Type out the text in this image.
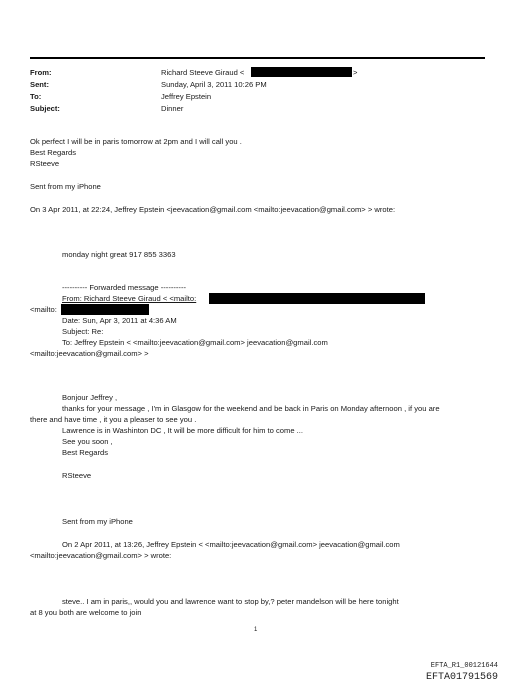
From:
Sent:
To:
Subject:
Richard Steeve Giraud <	>
Sunday, April 3, 2011 10:26 PM
Jeffrey Epstein
Dinner
Ok perfect I will be in paris tomorrow at 2pm and I will call you .
Best Regards
RSteeve
Sent from my iPhone
On 3 Apr 2011, at 22:24, Jeffrey Epstein <jeevacation@gmail.com <mailto:jeevacation@gmail.com> > wrote:
monday night great 917 855 3363
---------- Forwarded message ----------
From: Richard Steeve Giraud < <mailto:
<mailto:
Date: Sun, Apr 3, 2011 at 4:36 AM
Subject: Re:
To: Jeffrey Epstein < <mailto:jeevacation@gmail.com> jeevacation@gmail.com
<mailto:jeevacation@gmail.com> >
Bonjour Jeffrey ,
thanks for your message , I'm in Glasgow for the weekend and be back in Paris on Monday afternoon , if you are
there and have time , it you a pleaser to see you .
Lawrence is in Washinton DC , It will be more difficult for him to come ...
See you soon ,
Best Regards
RSteeve
Sent from my iPhone
On 2 Apr 2011, at 13:26, Jeffrey Epstein < <mailto:jeevacation@gmail.com> jeevacation@gmail.com
<mailto:jeevacation@gmail.com> > wrote:
steve.. I am in paris,, would you and lawrence want to stop by,? peter mandelson will be here tonight
at 8 you both are welcome to join
1
EFTA_R1_00121644
EFTA01791569
